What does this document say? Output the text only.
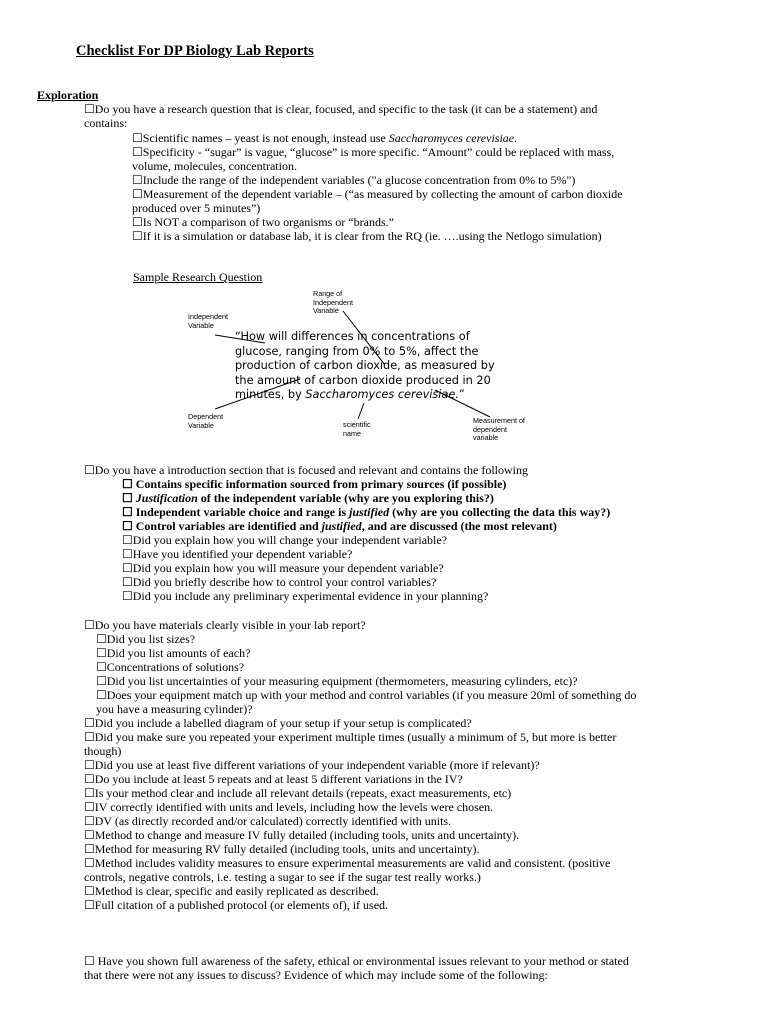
Checklist For DP Biology Lab Reports
Exploration
☐Do you have a research question that is clear, focused, and specific to the task (it can be a statement) and
contains:
☐Scientific names – yeast is not enough, instead use Saccharomyces cerevisiae.
☐Specificity - “sugar” is vague, “glucose” is more specific. “Amount” could be replaced with mass,
volume, molecules, concentration.
☐Include the range of the independent variables ("a glucose concentration from 0% to 5%")
☐Measurement of the dependent variable – (“as measured by collecting the amount of carbon dioxide
produced over 5 minutes”)
☐Is NOT a comparison of two organisms or “brands.”
☐If it is a simulation or database lab, it is clear from the RQ (ie. ….using the Netlogo simulation)
Sample Research Question
Range of Independent Variable
Independent Variable
“How will differences in concentrations of glucose, ranging from 0% to 5%, affect the production of carbon dioxide, as measured by the amount of carbon dioxide produced in 20 minutes, by Saccharomyces cerevisiae.”
Dependent Variable	scientific name
Measurement of dependent variable
☐Do you have a introduction section that is focused and relevant and contains the following
☐ Contains specific information sourced from primary sources (if possible)
☐ Justification of the independent variable (why are you exploring this?)
☐ Independent variable choice and range is justified (why are you collecting the data this way?)
☐ Control variables are identified and justified, and are discussed (the most relevant)
☐Did you explain how you will change your independent variable?
☐Have you identified your dependent variable?
☐Did you explain how you will measure your dependent variable?
☐Did you briefly describe how to control your control variables?
☐Did you include any preliminary experimental evidence in your planning?
☐Do you have materials clearly visible in your lab report?
☐Did you list sizes?
☐Did you list amounts of each?
☐Concentrations of solutions?
☐Did you list uncertainties of your measuring equipment (thermometers, measuring cylinders, etc)?
☐Does your equipment match up with your method and control variables (if you measure 20ml of something do
you have a measuring cylinder)?
☐Did you include a labelled diagram of your setup if your setup is complicated?
☐Did you make sure you repeated your experiment multiple times (usually a minimum of 5, but more is better
though)
☐Did you use at least five different variations of your independent variable (more if relevant)?
☐Do you include at least 5 repeats and at least 5 different variations in the IV?
☐Is your method clear and include all relevant details (repeats, exact measurements, etc)
☐IV correctly identified with units and levels, including how the levels were chosen.
☐DV (as directly recorded and/or calculated) correctly identified with units.
☐Method to change and measure IV fully detailed (including tools, units and uncertainty).
☐Method for measuring RV fully detailed (including tools, units and uncertainty).
☐Method includes validity measures to ensure experimental measurements are valid and consistent. (positive
controls, negative controls, i.e. testing a sugar to see if the sugar test really works.)
☐Method is clear, specific and easily replicated as described.
☐Full citation of a published protocol (or elements of), if used.
☐ Have you shown full awareness of the safety, ethical or environmental issues relevant to your method or stated
that there were not any issues to discuss? Evidence of which may include some of the following:
